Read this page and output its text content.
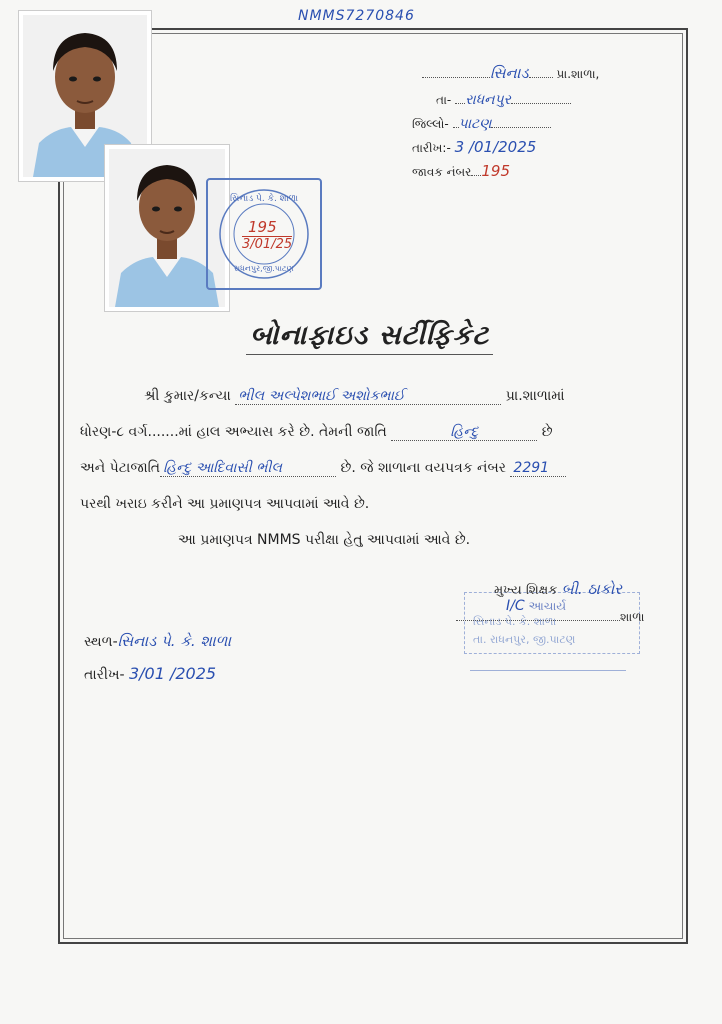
NMMS7270846
સિનાડ પે. કે. શાળા
195
3/01/25
રાધનપુર,જી.પાટણ
સિનાડ પ્રા.શાળા,
તા- રાધનપુર
જિલ્લો- પાટણ
તારીખ:- 3 /01/2025
જાવક નંબર 195
બોનાફાઇડ સર્ટીફિકેટ
શ્રી કુમાર/કન્યા ભીલ અલ્પેશભાઈ અશોકભાઈ	પ્રા.શાળામાં
ધોરણ-૮ વર્ગ.......માં હાલ અભ્યાસ કરે છે. તેમની જાતિ	હિન્દુ	છે
અને પેટાજાતિ હિન્દુ આદિવાસી ભીલ	છે. જે શાળાના વયપત્રક નંબર 2291
પરથી ખરાઇ કરીને આ પ્રમાણપત્ર આપવામાં આવે છે.
આ પ્રમાણપત્ર NMMS પરીક્ષા હેતુ આપવામાં આવે છે.
સિનાડ પે. કે. શાળા
તા. રાધનપુર, જી.પાટણ
મુખ્ય શિક્ષક બી. ઠાકોર
I/C આચાર્ય
શાળા
સ્થળ-સિનાડ પે. કે. શાળા
તારીખ- 3/01 /2025
